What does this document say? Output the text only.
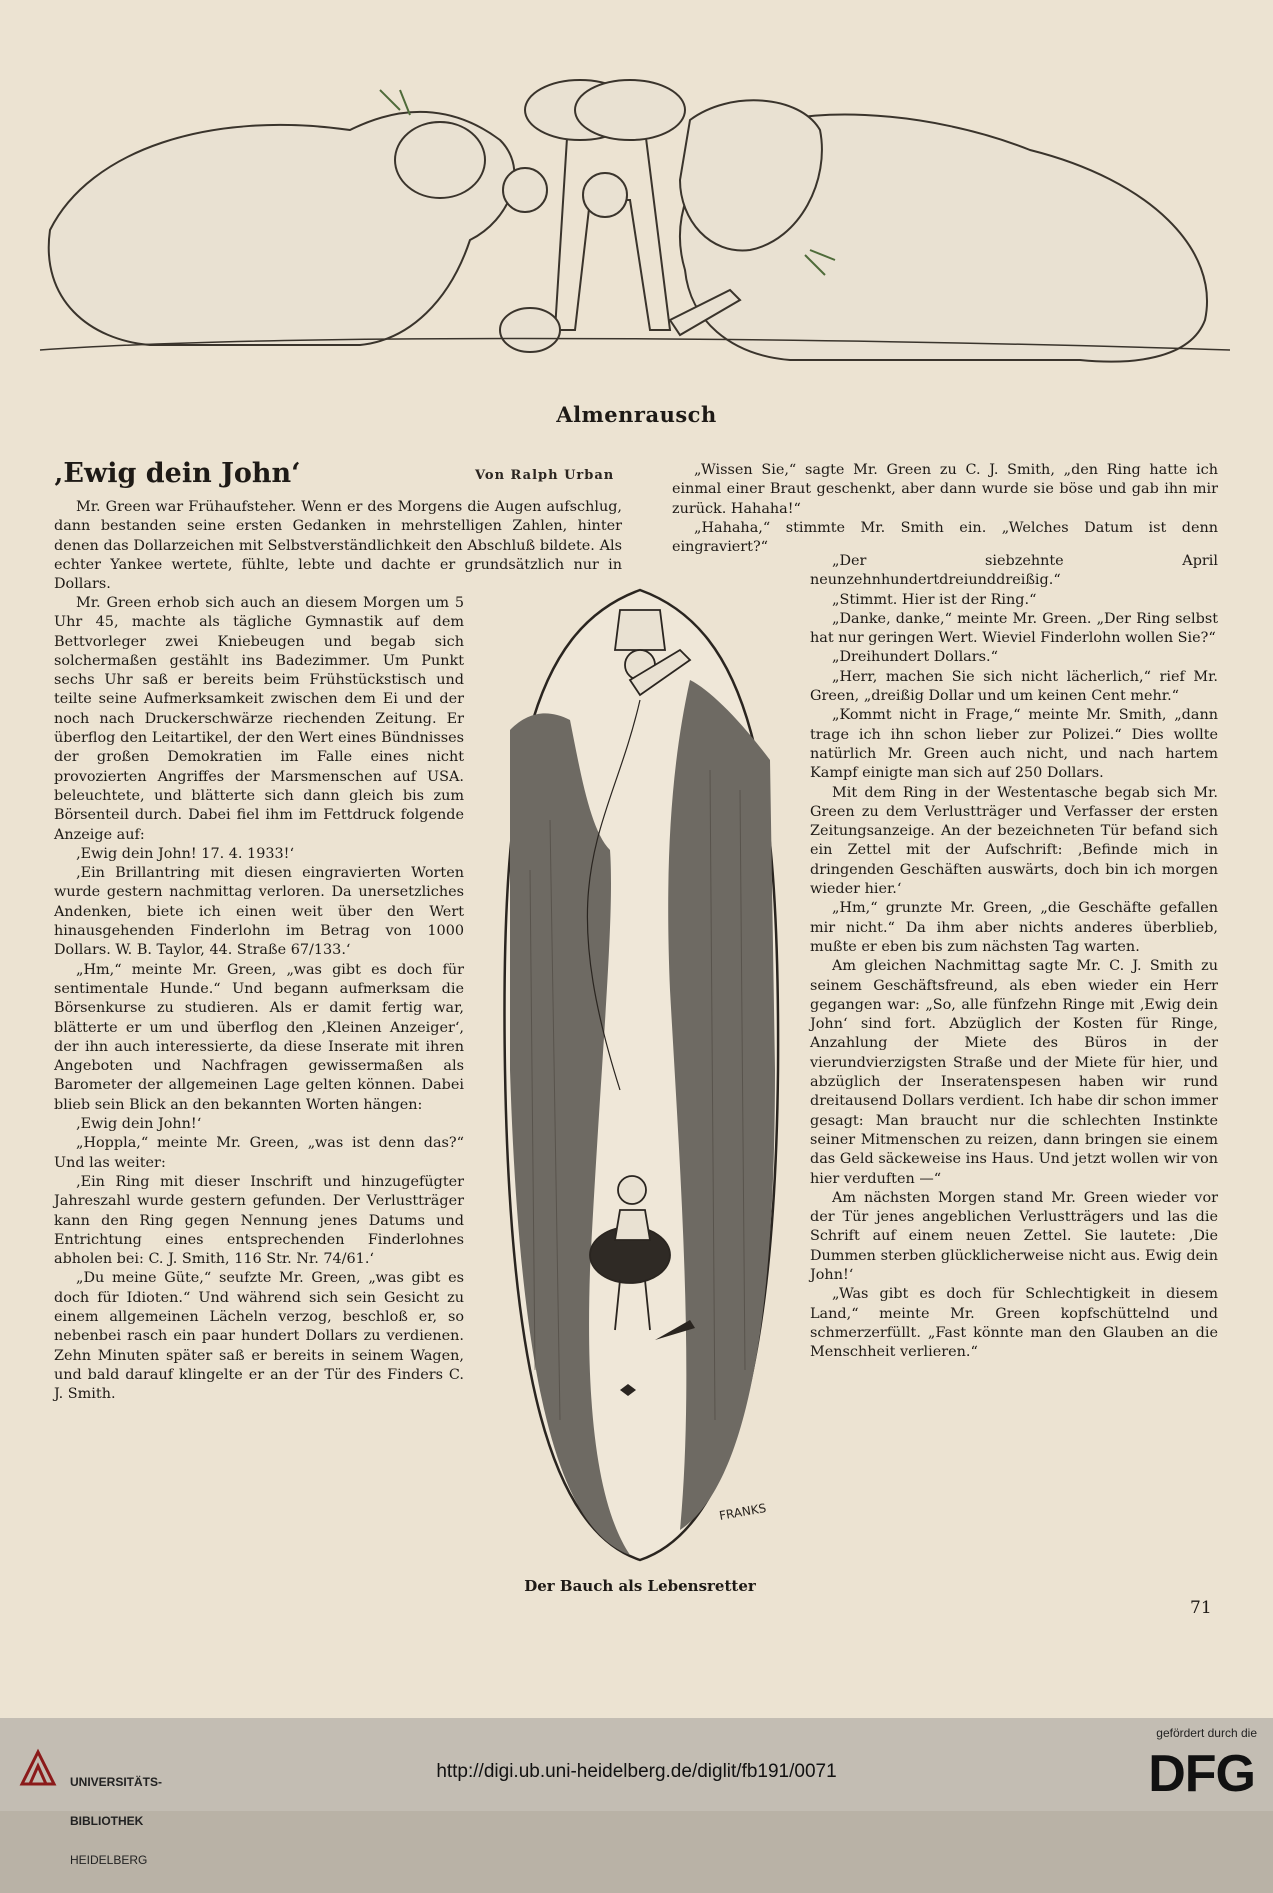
Almenrausch
‚Ewig dein John‘	Von Ralph Urban

Mr. Green war Frühaufsteher. Wenn er des Morgens die Augen aufschlug, dann bestanden seine ersten Gedanken in mehrstelligen Zahlen, hinter denen das Dollarzeichen mit Selbstverständlichkeit den Abschluß bildete. Als echter Yankee wertete, fühlte, lebte und dachte er grundsätzlich nur in Dollars.

Mr. Green erhob sich auch an diesem Morgen um 5 Uhr 45, machte als tägliche Gymnastik auf dem Bettvorleger zwei Kniebeugen und begab sich solchermaßen gestählt ins Badezimmer. Um Punkt sechs Uhr saß er bereits beim Frühstückstisch und teilte seine Aufmerksamkeit zwischen dem Ei und der noch nach Druckerschwärze riechenden Zeitung. Er überflog den Leitartikel, der den Wert eines Bündnisses der großen Demokratien im Falle eines nicht provozierten Angriffes der Marsmenschen auf USA. beleuchtete, und blätterte sich dann gleich bis zum Börsenteil durch. Dabei fiel ihm im Fettdruck folgende Anzeige auf:

‚Ewig dein John! 17. 4. 1933!‘

‚Ein Brillantring mit diesen eingravierten Worten wurde gestern nachmittag verloren. Da unersetzliches Andenken, biete ich einen weit über den Wert hinausgehenden Finderlohn im Betrag von 1000 Dollars. W. B. Taylor, 44. Straße 67/133.‘

„Hm,“ meinte Mr. Green, „was gibt es doch für sentimentale Hunde.“ Und begann aufmerksam die Börsenkurse zu studieren. Als er damit fertig war, blätterte er um und überflog den ‚Kleinen Anzeiger‘, der ihn auch interessierte, da diese Inserate mit ihren Angeboten und Nachfragen gewissermaßen als Barometer der allgemeinen Lage gelten können. Dabei blieb sein Blick an den bekannten Worten hängen:

‚Ewig dein John!‘

„Hoppla,“ meinte Mr. Green, „was ist denn das?“ Und las weiter:

‚Ein Ring mit dieser Inschrift und hinzugefügter Jahreszahl wurde gestern gefunden. Der Verlustträger kann den Ring gegen Nennung jenes Datums und Entrichtung eines entsprechenden Finderlohnes abholen bei: C. J. Smith, 116 Str. Nr. 74/61.‘

„Du meine Güte,“ seufzte Mr. Green, „was gibt es doch für Idioten.“ Und während sich sein Gesicht zu einem allgemeinen Lächeln verzog, beschloß er, so nebenbei rasch ein paar hundert Dollars zu verdienen. Zehn Minuten später saß er bereits in seinem Wagen, und bald darauf klingelte er an der Tür des Finders C. J. Smith.

„Wissen Sie,“ sagte Mr. Green zu C. J. Smith, „den Ring hatte ich einmal einer Braut geschenkt, aber dann wurde sie böse und gab ihn mir zurück. Hahaha!“

„Hahaha,“ stimmte Mr. Smith ein. „Welches Datum ist denn eingraviert?“

„Der siebzehnte April neunzehnhundertdreiunddreißig.“

„Stimmt. Hier ist der Ring.“

„Danke, danke,“ meinte Mr. Green. „Der Ring selbst hat nur geringen Wert. Wieviel Finderlohn wollen Sie?“

„Dreihundert Dollars.“

„Herr, machen Sie sich nicht lächerlich,“ rief Mr. Green, „dreißig Dollar und um keinen Cent mehr.“

„Kommt nicht in Frage,“ meinte Mr. Smith, „dann trage ich ihn schon lieber zur Polizei.“ Dies wollte natürlich Mr. Green auch nicht, und nach hartem Kampf einigte man sich auf 250 Dollars.

Mit dem Ring in der Westentasche begab sich Mr. Green zu dem Verlustträger und Verfasser der ersten Zeitungsanzeige. An der bezeichneten Tür befand sich ein Zettel mit der Aufschrift: ‚Befinde mich in dringenden Geschäften auswärts, doch bin ich morgen wieder hier.‘

„Hm,“ grunzte Mr. Green, „die Geschäfte gefallen mir nicht.“ Da ihm aber nichts anderes überblieb, mußte er eben bis zum nächsten Tag warten.

Am gleichen Nachmittag sagte Mr. C. J. Smith zu seinem Geschäftsfreund, als eben wieder ein Herr gegangen war: „So, alle fünfzehn Ringe mit ‚Ewig dein John‘ sind fort. Abzüglich der Kosten für Ringe, Anzahlung der Miete des Büros in der vierundvierzigsten Straße und der Miete für hier, und abzüglich der Inseratenspesen haben wir rund dreitausend Dollars verdient. Ich habe dir schon immer gesagt: Man braucht nur die schlechten Instinkte seiner Mitmenschen zu reizen, dann bringen sie einem das Geld säckeweise ins Haus. Und jetzt wollen wir von hier verduften —“

Am nächsten Morgen stand Mr. Green wieder vor der Tür jenes angeblichen Verlustträgers und las die Schrift auf einem neuen Zettel. Sie lautete: ‚Die Dummen sterben glücklicherweise nicht aus. Ewig dein John!‘

„Was gibt es doch für Schlechtigkeit in diesem Land,“ meinte Mr. Green kopfschüttelnd und schmerzerfüllt. „Fast könnte man den Glauben an die Menschheit verlieren.“

FRANKS
Der Bauch als Lebensretter
71

UNIVERSITÄTS-

BIBLIOTHEK

HEIDELBERG

http://digi.ub.uni-heidelberg.de/diglit/fb191/0071
gefördert durch die
DFG
